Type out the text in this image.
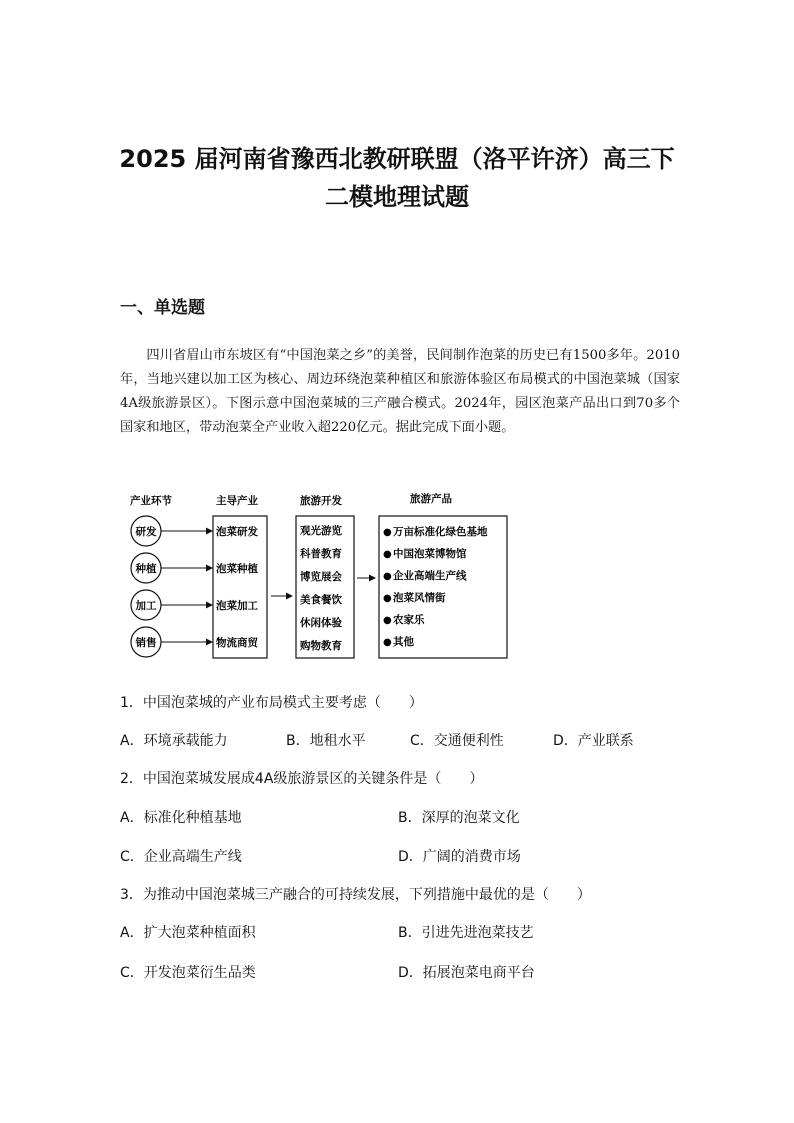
2025 届河南省豫西北教研联盟（洛平许济）高三下
二模地理试题
一、单选题

四川省眉山市东坡区有“中国泡菜之乡”的美誉，民间制作泡菜的历史已有1500多年。2010年，当地兴建以加工区为核心、周边环绕泡菜种植区和旅游体验区布局模式的中国泡菜城（国家4A级旅游景区）。下图示意中国泡菜城的三产融合模式。2024年，园区泡菜产品出口到70多个国家和地区，带动泡菜全产业收入超220亿元。据此完成下面小题。

产业环节	主导产业	旅游开发	旅游产品
研发
种植
加工
销售
泡菜研发
泡菜种植
泡菜加工
物流商贸
观光游览
科普教育
博览展会
美食餐饮
休闲体验
购物教育
● 万亩标准化绿色基地
● 中国泡菜博物馆
● 企业高端生产线
● 泡菜风情街
● 农家乐
● 其他
1．中国泡菜城的产业布局模式主要考虑（　　）
A．环境承载能力	B．地租水平	C．交通便利性	D．产业联系
2．中国泡菜城发展成4A级旅游景区的关键条件是（　　）
A．标准化种植基地	B．深厚的泡菜文化
C．企业高端生产线	D．广阔的消费市场
3．为推动中国泡菜城三产融合的可持续发展，下列措施中最优的是（　　）
A．扩大泡菜种植面积	B．引进先进泡菜技艺
C．开发泡菜衍生品类	D．拓展泡菜电商平台
